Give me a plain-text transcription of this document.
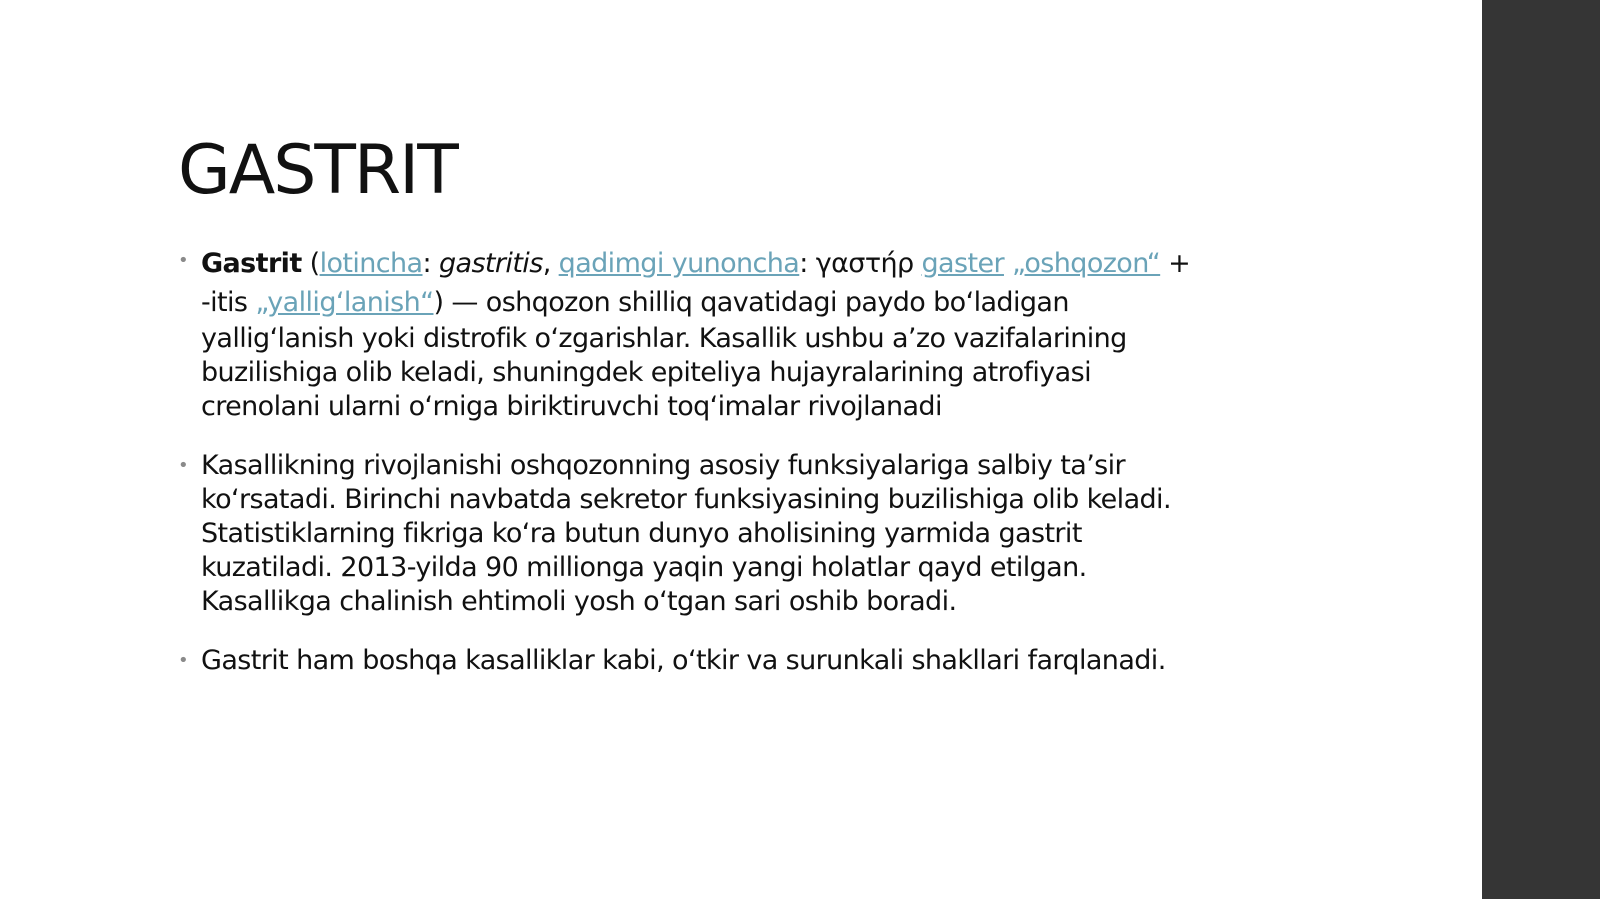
GASTRIT
• Gastrit (lotincha: gastritis, qadimgi yunoncha: γαστήρ gaster „oshqozon“ +
-itis „yallig‘lanish“) — oshqozon shilliq qavatidagi paydo bo‘ladigan
yallig‘lanish yoki distrofik o‘zgarishlar. Kasallik ushbu a’zo vazifalarining
buzilishiga olib keladi, shuningdek epiteliya hujayralarining atrofiyasi
crenolani ularni o‘rniga biriktiruvchi toq‘imalar rivojlanadi
• Kasallikning rivojlanishi oshqozonning asosiy funksiyalariga salbiy ta’sir
ko‘rsatadi. Birinchi navbatda sekretor funksiyasining buzilishiga olib keladi.
Statistiklarning fikriga ko‘ra butun dunyo aholisining yarmida gastrit
kuzatiladi. 2013-yilda 90 millionga yaqin yangi holatlar qayd etilgan.
Kasallikga chalinish ehtimoli yosh o‘tgan sari oshib boradi.
• Gastrit ham boshqa kasalliklar kabi, o‘tkir va surunkali shakllari farqlanadi.
